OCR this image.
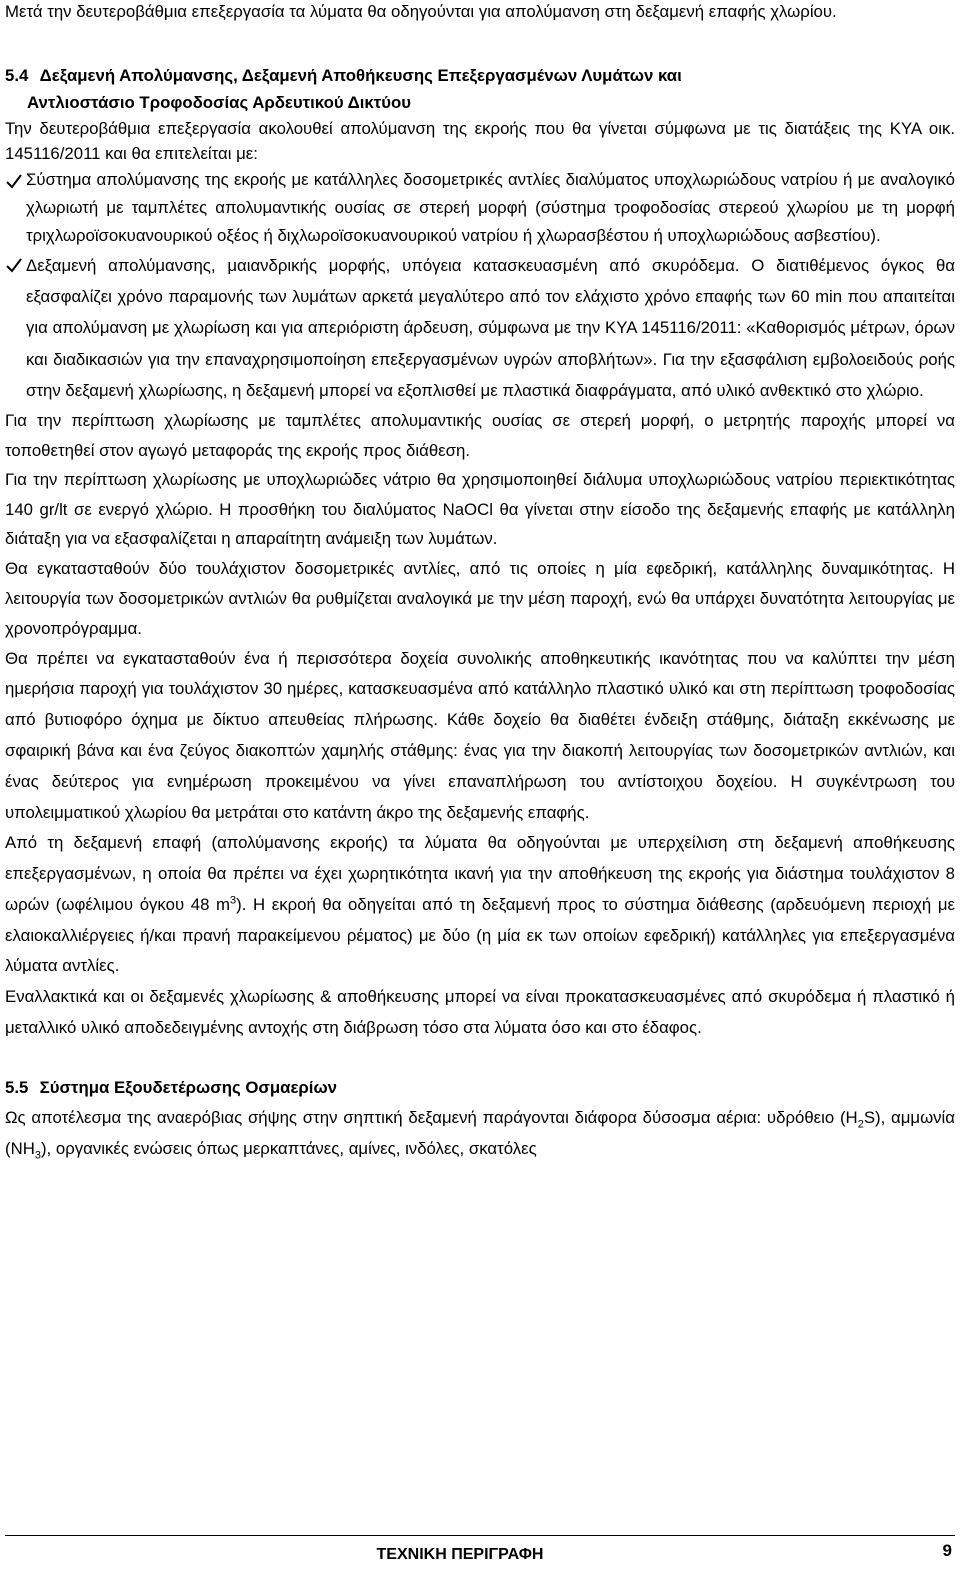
Μετά την δευτεροβάθμια επεξεργασία τα λύματα θα οδηγούνται για απολύμανση στη δεξαμενή επαφής χλωρίου.

5.4 Δεξαμενή Απολύμανσης, Δεξαμενή Αποθήκευσης Επεξεργασμένων Λυμάτων και
Αντλιοστάσιο Τροφοδοσίας Αρδευτικού Δικτύου

Την δευτεροβάθμια επεξεργασία ακολουθεί απολύμανση της εκροής που θα γίνεται σύμφωνα με τις διατάξεις της ΚΥΑ οικ. 145116/2011 και θα επιτελείται με:

Σύστημα απολύμανσης της εκροής με κατάλληλες δοσομετρικές αντλίες διαλύματος υποχλωριώδους νατρίου ή με αναλογικό χλωριωτή με ταμπλέτες απολυμαντικής ουσίας σε στερεή μορφή (σύστημα τροφοδοσίας στερεού χλωρίου με τη μορφή τριχλωροϊσοκυανουρικού οξέος ή διχλωροϊσοκυανουρικού νατρίου ή χλωρασβέστου ή υποχλωριώδους ασβεστίου).

Δεξαμενή απολύμανσης, μαιανδρικής μορφής, υπόγεια κατασκευασμένη από σκυρόδεμα. Ο διατιθέμενος όγκος θα εξασφαλίζει χρόνο παραμονής των λυμάτων αρκετά μεγαλύτερο από τον ελάχιστο χρόνο επαφής των 60 min που απαιτείται για απολύμανση με χλωρίωση και για απεριόριστη άρδευση, σύμφωνα με την ΚΥΑ 145116/2011: «Καθορισμός μέτρων, όρων και διαδικασιών για την επαναχρησιμοποίηση επεξεργασμένων υγρών αποβλήτων». Για την εξασφάλιση εμβολοειδούς ροής στην δεξαμενή χλωρίωσης, η δεξαμενή μπορεί να εξοπλισθεί με πλαστικά διαφράγματα, από υλικό ανθεκτικό στο χλώριο.

Για την περίπτωση χλωρίωσης με ταμπλέτες απολυμαντικής ουσίας σε στερεή μορφή, ο μετρητής παροχής μπορεί να τοποθετηθεί στον αγωγό μεταφοράς της εκροής προς διάθεση.

Για την περίπτωση χλωρίωσης με υποχλωριώδες νάτριο θα χρησιμοποιηθεί διάλυμα υποχλωριώδους νατρίου περιεκτικότητας 140 gr/lt σε ενεργό χλώριο. Η προσθήκη του διαλύματος NaOCl θα γίνεται στην είσοδο της δεξαμενής επαφής με κατάλληλη διάταξη για να εξασφαλίζεται η απαραίτητη ανάμειξη των λυμάτων.

Θα εγκατασταθούν δύο τουλάχιστον δοσομετρικές αντλίες, από τις οποίες η μία εφεδρική, κατάλληλης δυναμικότητας. Η λειτουργία των δοσομετρικών αντλιών θα ρυθμίζεται αναλογικά με την μέση παροχή, ενώ θα υπάρχει δυνατότητα λειτουργίας με χρονοπρόγραμμα.

Θα πρέπει να εγκατασταθούν ένα ή περισσότερα δοχεία συνολικής αποθηκευτικής ικανότητας που να καλύπτει την μέση ημερήσια παροχή για τουλάχιστον 30 ημέρες, κατασκευασμένα από κατάλληλο πλαστικό υλικό και στη περίπτωση τροφοδοσίας από βυτιοφόρο όχημα με δίκτυο απευθείας πλήρωσης. Κάθε δοχείο θα διαθέτει ένδειξη στάθμης, διάταξη εκκένωσης με σφαιρική βάνα και ένα ζεύγος διακοπτών χαμηλής στάθμης: ένας για την διακοπή λειτουργίας των δοσομετρικών αντλιών, και ένας δεύτερος για ενημέρωση προκειμένου να γίνει επαναπλήρωση του αντίστοιχου δοχείου. Η συγκέντρωση του υπολειμματικού χλωρίου θα μετράται στο κατάντη άκρο της δεξαμενής επαφής.

Από τη δεξαμενή επαφή (απολύμανσης εκροής) τα λύματα θα οδηγούνται με υπερχείλιση στη δεξαμενή αποθήκευσης επεξεργασμένων, η οποία θα πρέπει να έχει χωρητικότητα ικανή για την αποθήκευση της εκροής για διάστημα τουλάχιστον 8 ωρών (ωφέλιμου όγκου 48 $m^3$). Η εκροή θα οδηγείται από τη δεξαμενή προς το σύστημα διάθεσης (αρδευόμενη περιοχή με ελαιοκαλλιέργειες ή/και πρανή παρακείμενου ρέματος) με δύο (η μία εκ των οποίων εφεδρική) κατάλληλες για επεξεργασμένα λύματα αντλίες.

Εναλλακτικά και οι δεξαμενές χλωρίωσης & αποθήκευσης μπορεί να είναι προκατασκευασμένες από σκυρόδεμα ή πλαστικό ή μεταλλικό υλικό αποδεδειγμένης αντοχής στη διάβρωση τόσο στα λύματα όσο και στο έδαφος.

5.5 Σύστημα Εξουδετέρωσης Οσμαερίων

Ως αποτέλεσμα της αναερόβιας σήψης στην σηπτική δεξαμενή παράγονται διάφορα δύσοσμα αέρια: υδρόθειο $(H_2S)$, αμμωνία $(NH_3)$, οργανικές ενώσεις όπως μερκαπτάνες, αμίνες, ινδόλες, σκατόλες

ΤΕΧΝΙΚΗ ΠΕΡΙΓΡΑΦΗ	9
